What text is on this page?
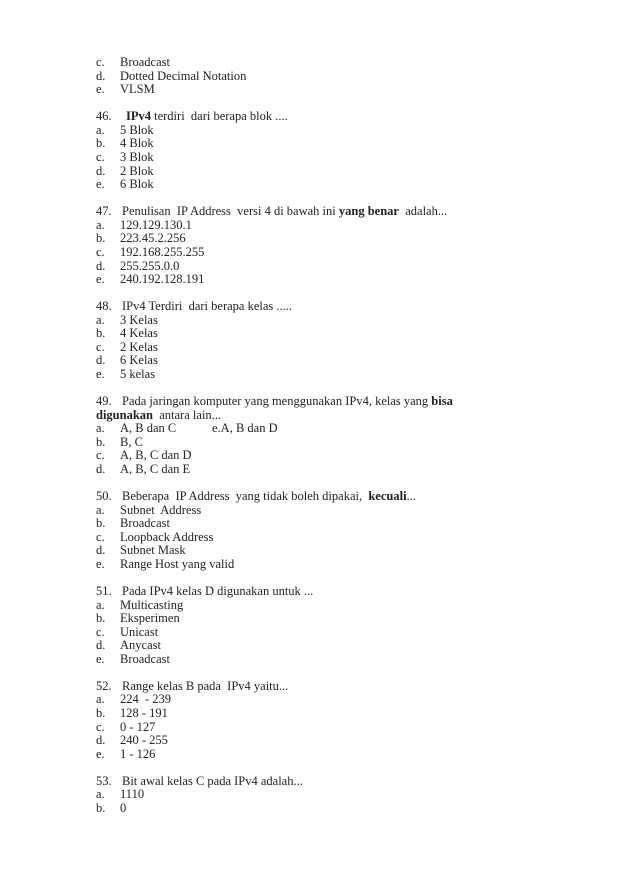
c. Broadcast
d. Dotted Decimal Notation
e. VLSM
46. IPv4 terdiri  dari berapa blok ....
a. 5 Blok
b. 4 Blok
c. 3 Blok
d. 2 Blok
e. 6 Blok
47. Penulisan  IP Address  versi 4 di bawah ini yang benar  adalah...
a. 129.129.130.1
b. 223.45.2.256
c. 192.168.255.255
d. 255.255.0.0
e. 240.192.128.191
48. IPv4 Terdiri  dari berapa kelas .....
a. 3 Kelas
b. 4 Kelas
c. 2 Kelas
d. 6 Kelas
e. 5 kelas
49. Pada jaringan komputer yang menggunakan IPv4, kelas yang bisa
digunakan  antara lain...
a. A, B dan C	e.A, B dan D
b. B, C
c. A, B, C dan D
d. A, B, C dan E
50. Beberapa  IP Address  yang tidak boleh dipakai,  kecuali...
a. Subnet  Address
b. Broadcast
c. Loopback Address
d. Subnet Mask
e. Range Host yang valid
51. Pada IPv4 kelas D digunakan untuk ...
a. Multicasting
b. Eksperimen
c. Unicast
d. Anycast
e. Broadcast
52. Range kelas B pada  IPv4 yaitu...
a. 224  - 239
b. 128 - 191
c. 0 - 127
d. 240 - 255
e. 1 - 126
53. Bit awal kelas C pada IPv4 adalah...
a. 1110
b. 0
